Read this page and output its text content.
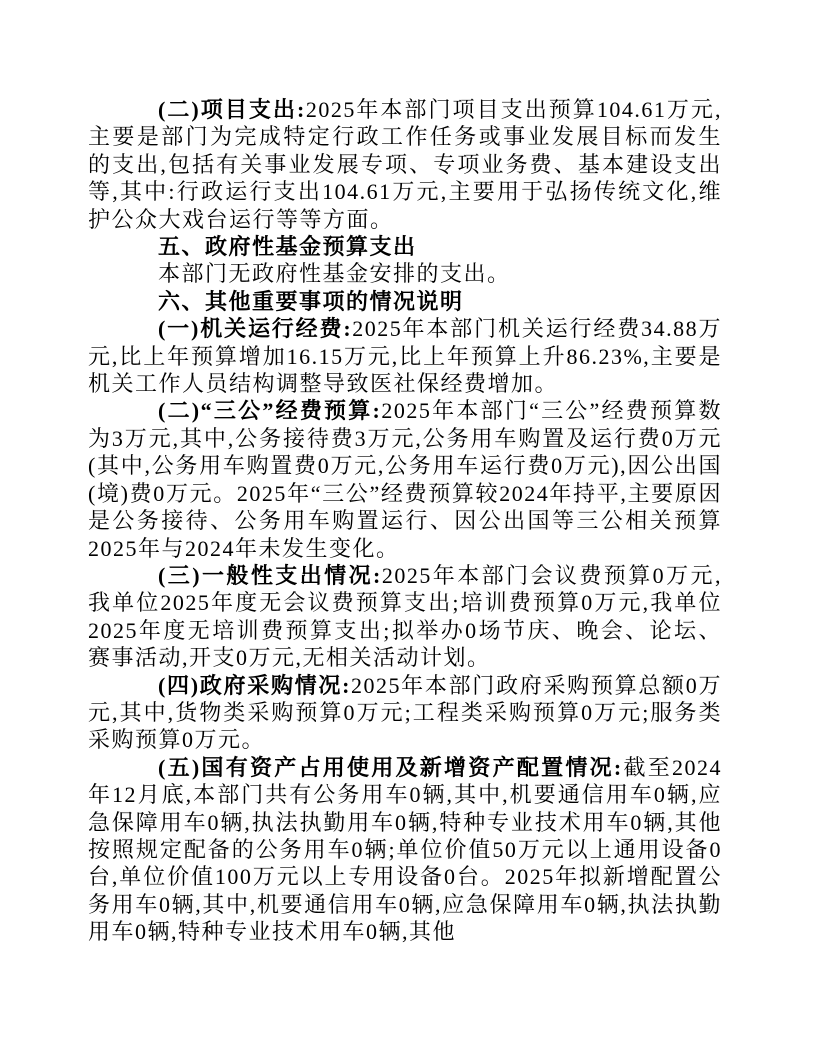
(二)项目支出:2025年本部门项目支出预算104.61万元,主要是部门为完成特定行政工作任务或事业发展目标而发生的支出,包括有关事业发展专项、专项业务费、基本建设支出等,其中:行政运行支出104.61万元,主要用于弘扬传统文化,维护公众大戏台运行等等方面。

五、政府性基金预算支出

本部门无政府性基金安排的支出。

六、其他重要事项的情况说明

(一)机关运行经费:2025年本部门机关运行经费34.88万元,比上年预算增加16.15万元,比上年预算上升86.23%,主要是机关工作人员结构调整导致医社保经费增加。

(二)“三公”经费预算:2025年本部门“三公”经费预算数为3万元,其中,公务接待费3万元,公务用车购置及运行费0万元(其中,公务用车购置费0万元,公务用车运行费0万元),因公出国(境)费0万元。2025年“三公”经费预算较2024年持平,主要原因是公务接待、公务用车购置运行、因公出国等三公相关预算2025年与2024年未发生变化。

(三)一般性支出情况:2025年本部门会议费预算0万元,我单位2025年度无会议费预算支出;培训费预算0万元,我单位2025年度无培训费预算支出;拟举办0场节庆、晚会、论坛、赛事活动,开支0万元,无相关活动计划。

(四)政府采购情况:2025年本部门政府采购预算总额0万元,其中,货物类采购预算0万元;工程类采购预算0万元;服务类采购预算0万元。

(五)国有资产占用使用及新增资产配置情况:截至2024年12月底,本部门共有公务用车0辆,其中,机要通信用车0辆,应急保障用车0辆,执法执勤用车0辆,特种专业技术用车0辆,其他按照规定配备的公务用车0辆;单位价值50万元以上通用设备0台,单位价值100万元以上专用设备0台。2025年拟新增配置公务用车0辆,其中,机要通信用车0辆,应急保障用车0辆,执法执勤用车0辆,特种专业技术用车0辆,其他
